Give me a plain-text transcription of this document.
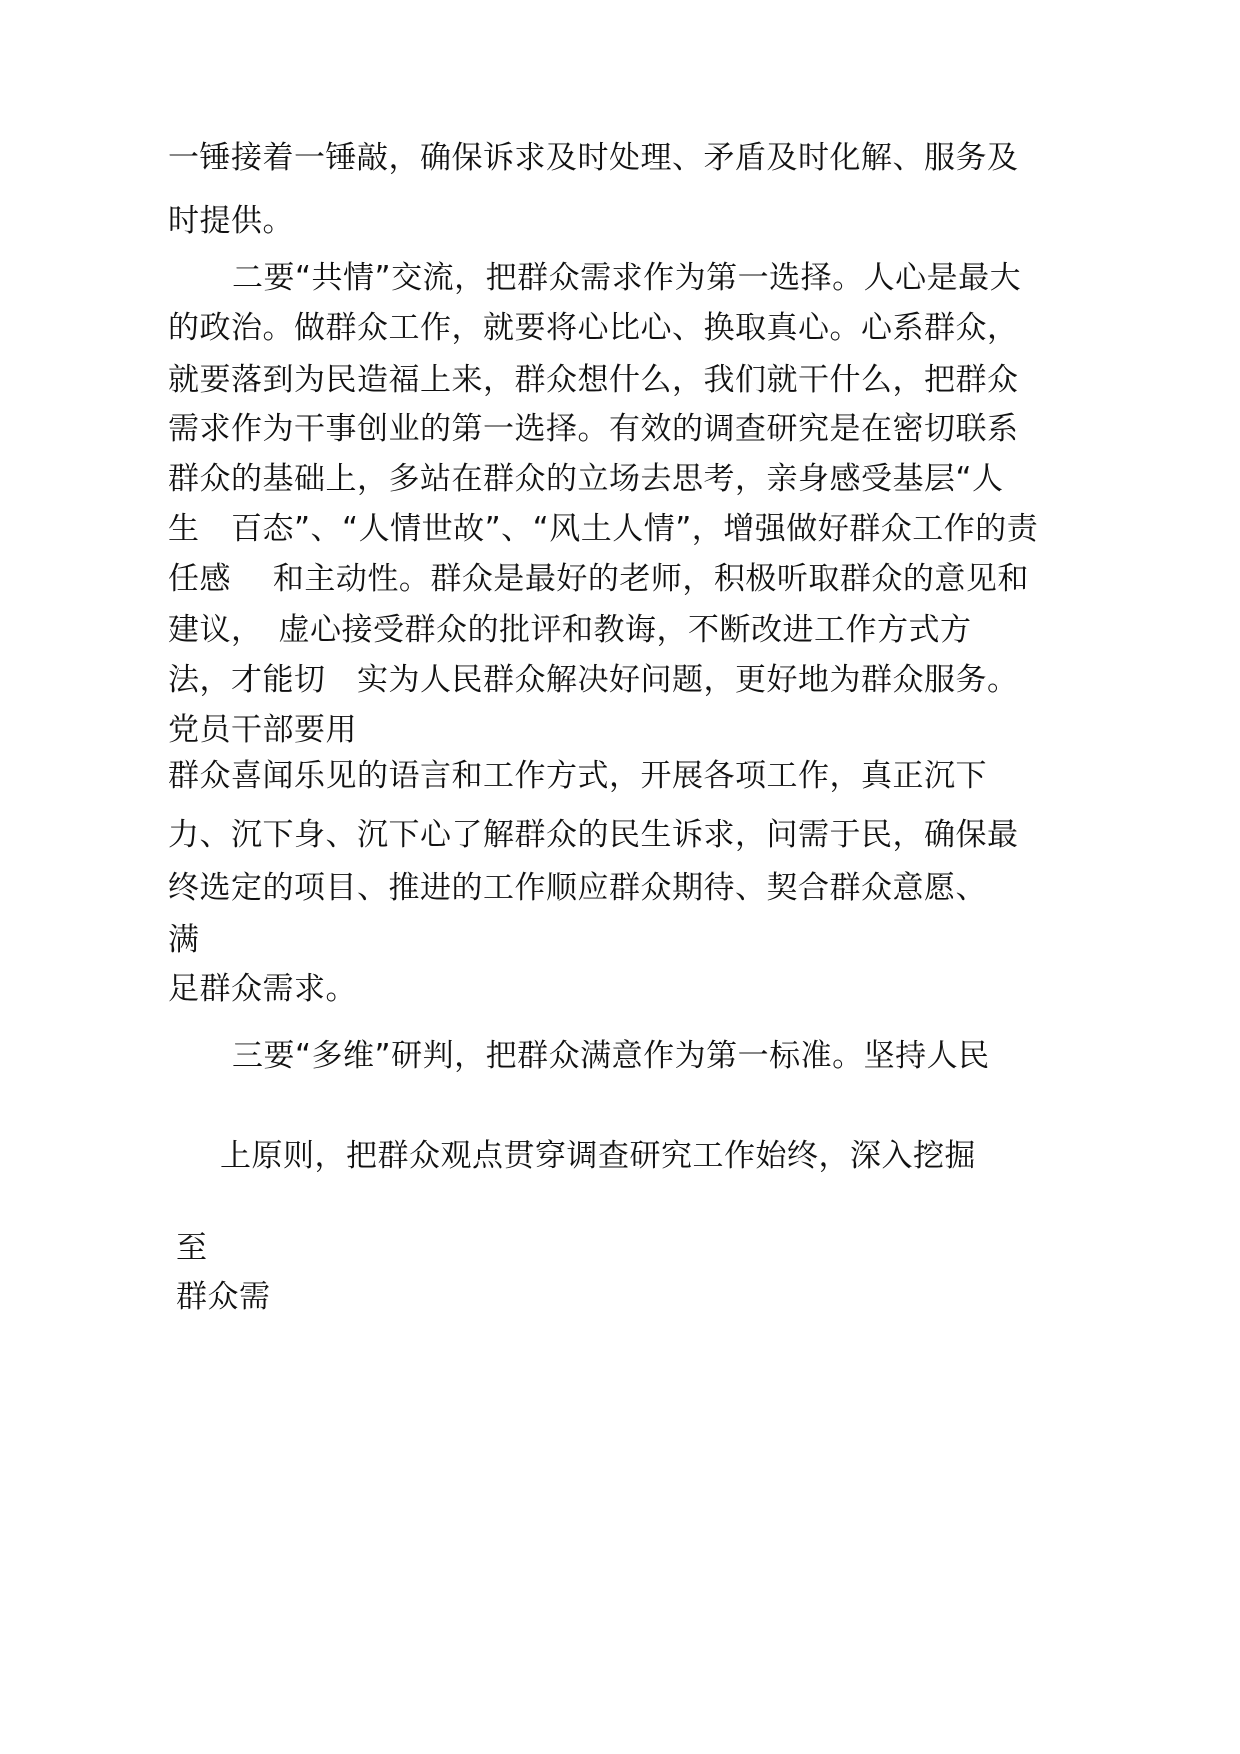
一锤接着一锤敲，确保诉求及时处理、矛盾及时化解、服务及
时提供。
二要“共情”交流，把群众需求作为第一选择。人心是最大
的政治。做群众工作，就要将心比心、换取真心。心系群众，
就要落到为民造福上来，群众想什么，我们就干什么，把群众
需求作为干事创业的第一选择。有效的调查研究是在密切联系
群众的基础上，多站在群众的立场去思考，亲身感受基层“人
生　百态”、“人情世故”、“风土人情”，增强做好群众工作的责
任感　 和主动性。群众是最好的老师，积极听取群众的意见和
建议，　虚心接受群众的批评和教诲，不断改进工作方式方
法，才能切　实为人民群众解决好问题，更好地为群众服务。
党员干部要用
群众喜闻乐见的语言和工作方式，开展各项工作，真正沉下
力、沉下身、沉下心了解群众的民生诉求，问需于民，确保最
终选定的项目、推进的工作顺应群众期待、契合群众意愿、
满
足群众需求。
三要“多维”研判，把群众满意作为第一标准。坚持人民
上原则，把群众观点贯穿调查研究工作始终，深入挖掘
至
群众需
